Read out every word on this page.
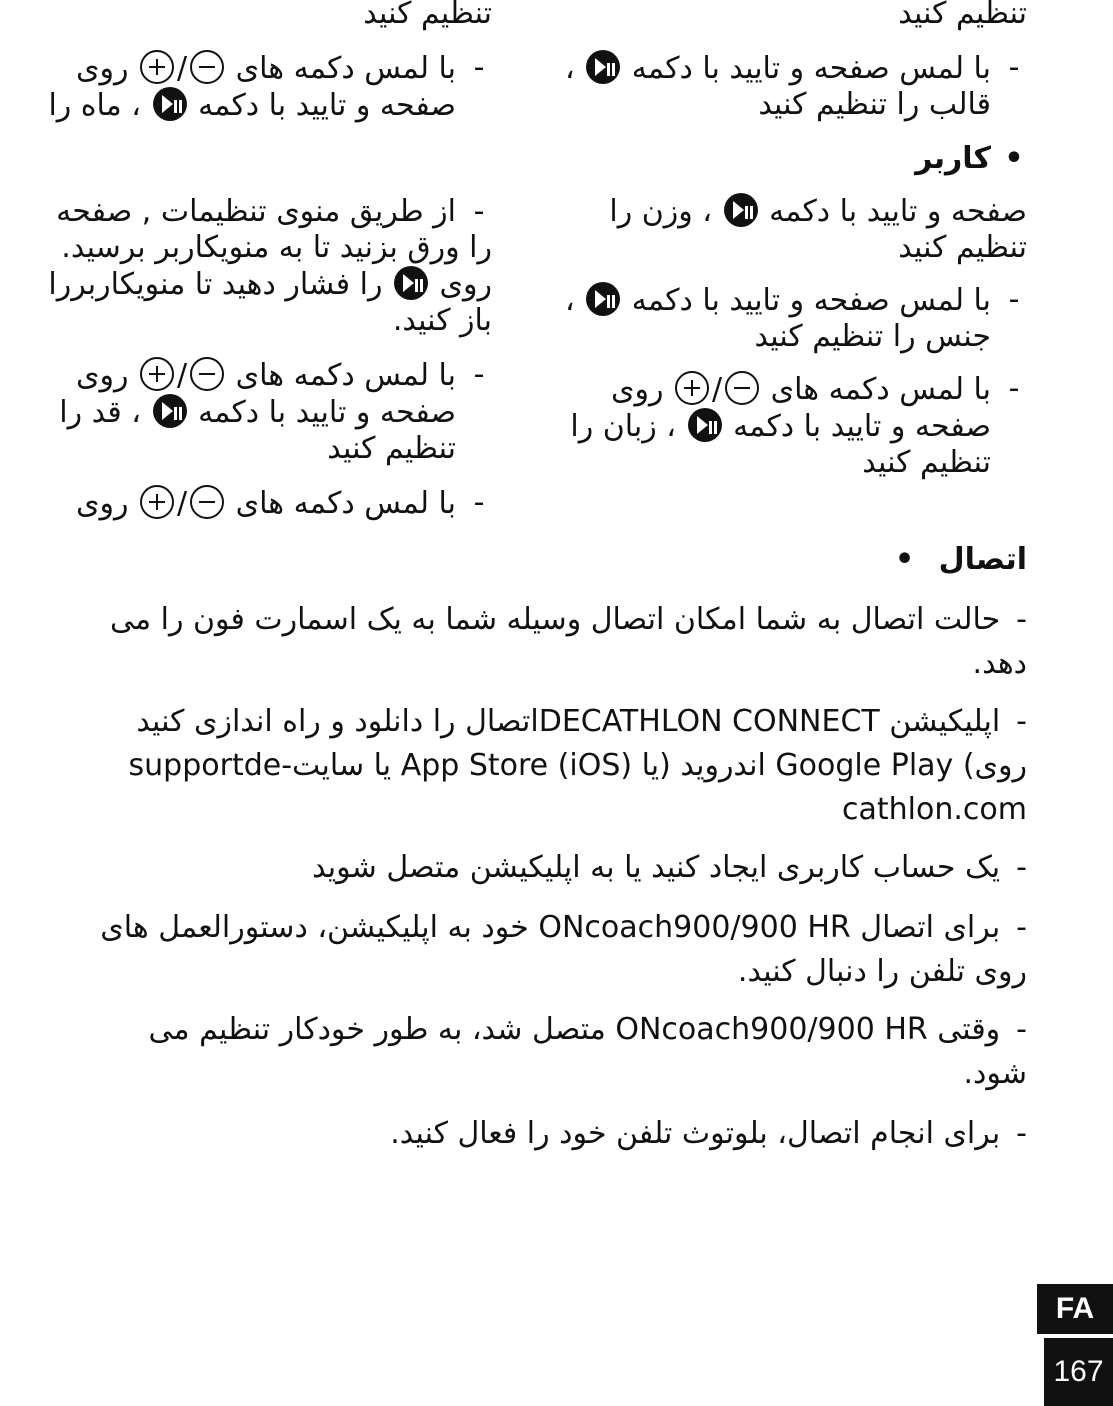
تنظیم کنید
-
با لمس صفحه و تایید با دکمه
،
قالب را تنظیم کنید
•
کاربر
صفحه و تایید با دکمه
، وزن را
تنظیم کنید
-
با لمس صفحه و تایید با دکمه
،
جنس را تنظیم کنید
-
با لمس دکمه های
/
روی
صفحه و تایید با دکمه
، زبان را
تنظیم کنید
تنظیم کنید
-
با لمس دکمه های
/
روی
صفحه و تایید با دکمه
، ماه را
-
از طریق منوی تنظیمات , صفحه
را ورق بزنید تا به منویکاربر برسید.
روی
را فشار دهید تا منویکاربررا
باز کنید.
-
با لمس دکمه های
/
روی
صفحه و تایید با دکمه
، قد را
تنظیم کنید
-
با لمس دکمه های
/
روی
اتصال •
-حالت اتصال به شما امکان اتصال وسیله شما به یک اسمارت فون را می
دهد.
-اپلیکیشن DECATHLON CONNECTاتصال را دانلود و راه اندازی کنید
روی) Google Play اندروید (یا (iOS) App Store یا سایت-supportde
cathlon.com
-یک حساب کاربری ایجاد کنید یا به اپلیکیشن متصل شوید
-برای اتصال ONcoach900/900 HR خود به اپلیکیشن، دستورالعمل های
روی تلفن را دنبال کنید.
-وقتی ONcoach900/900 HR متصل شد، به طور خودکار تنظیم می
شود.
-برای انجام اتصال، بلوتوث تلفن خود را فعال کنید.
FA
167
